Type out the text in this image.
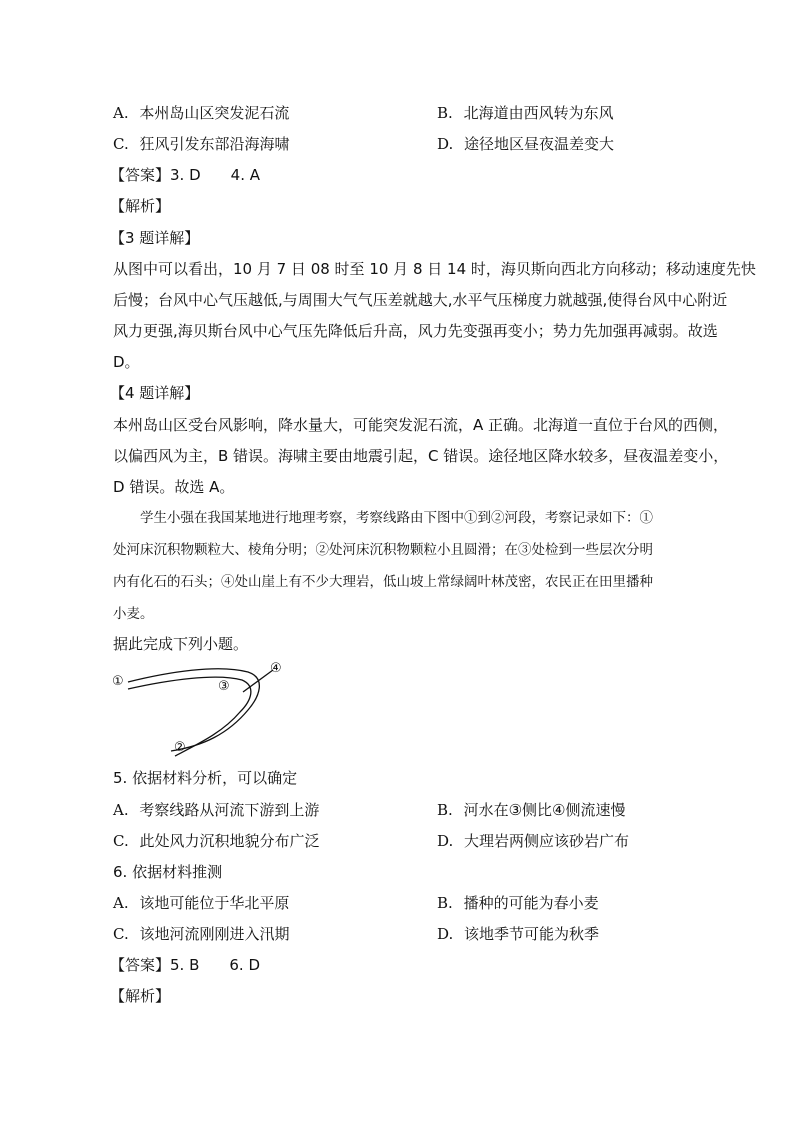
A. 本州岛山区突发泥石流	B. 北海道由西风转为东风
C. 狂风引发东部沿海海啸	D. 途径地区昼夜温差变大
【答案】3. D　　4. A
【解析】
【3 题详解】
从图中可以看出，10 月 7 日 08 时至 10 月 8 日 14 时，海贝斯向西北方向移动；移动速度先快
后慢；台风中心气压越低,与周围大气气压差就越大,水平气压梯度力就越强,使得台风中心附近
风力更强,海贝斯台风中心气压先降低后升高，风力先变强再变小；势力先加强再减弱。故选
D。
【4 题详解】
本州岛山区受台风影响，降水量大，可能突发泥石流，A 正确。北海道一直位于台风的西侧，
以偏西风为主，B 错误。海啸主要由地震引起，C 错误。途径地区降水较多，昼夜温差变小，
D 错误。故选 A。
　　学生小强在我国某地进行地理考察，考察线路由下图中①到②河段，考察记录如下：①
处河床沉积物颗粒大、棱角分明；②处河床沉积物颗粒小且圆滑；在③处检到一些层次分明
内有化石的石头；④处山崖上有不少大理岩，低山坡上常绿阔叶林茂密，农民正在田里播种
小麦。
据此完成下列小题。
①
②
③
④
5. 依据材料分析，可以确定
A. 考察线路从河流下游到上游	B. 河水在③侧比④侧流速慢
C. 此处风力沉积地貌分布广泛	D. 大理岩两侧应该砂岩广布
6. 依据材料推测
A. 该地可能位于华北平原	B. 播种的可能为春小麦
C. 该地河流刚刚进入汛期	D. 该地季节可能为秋季
【答案】5. B　　6. D
【解析】
